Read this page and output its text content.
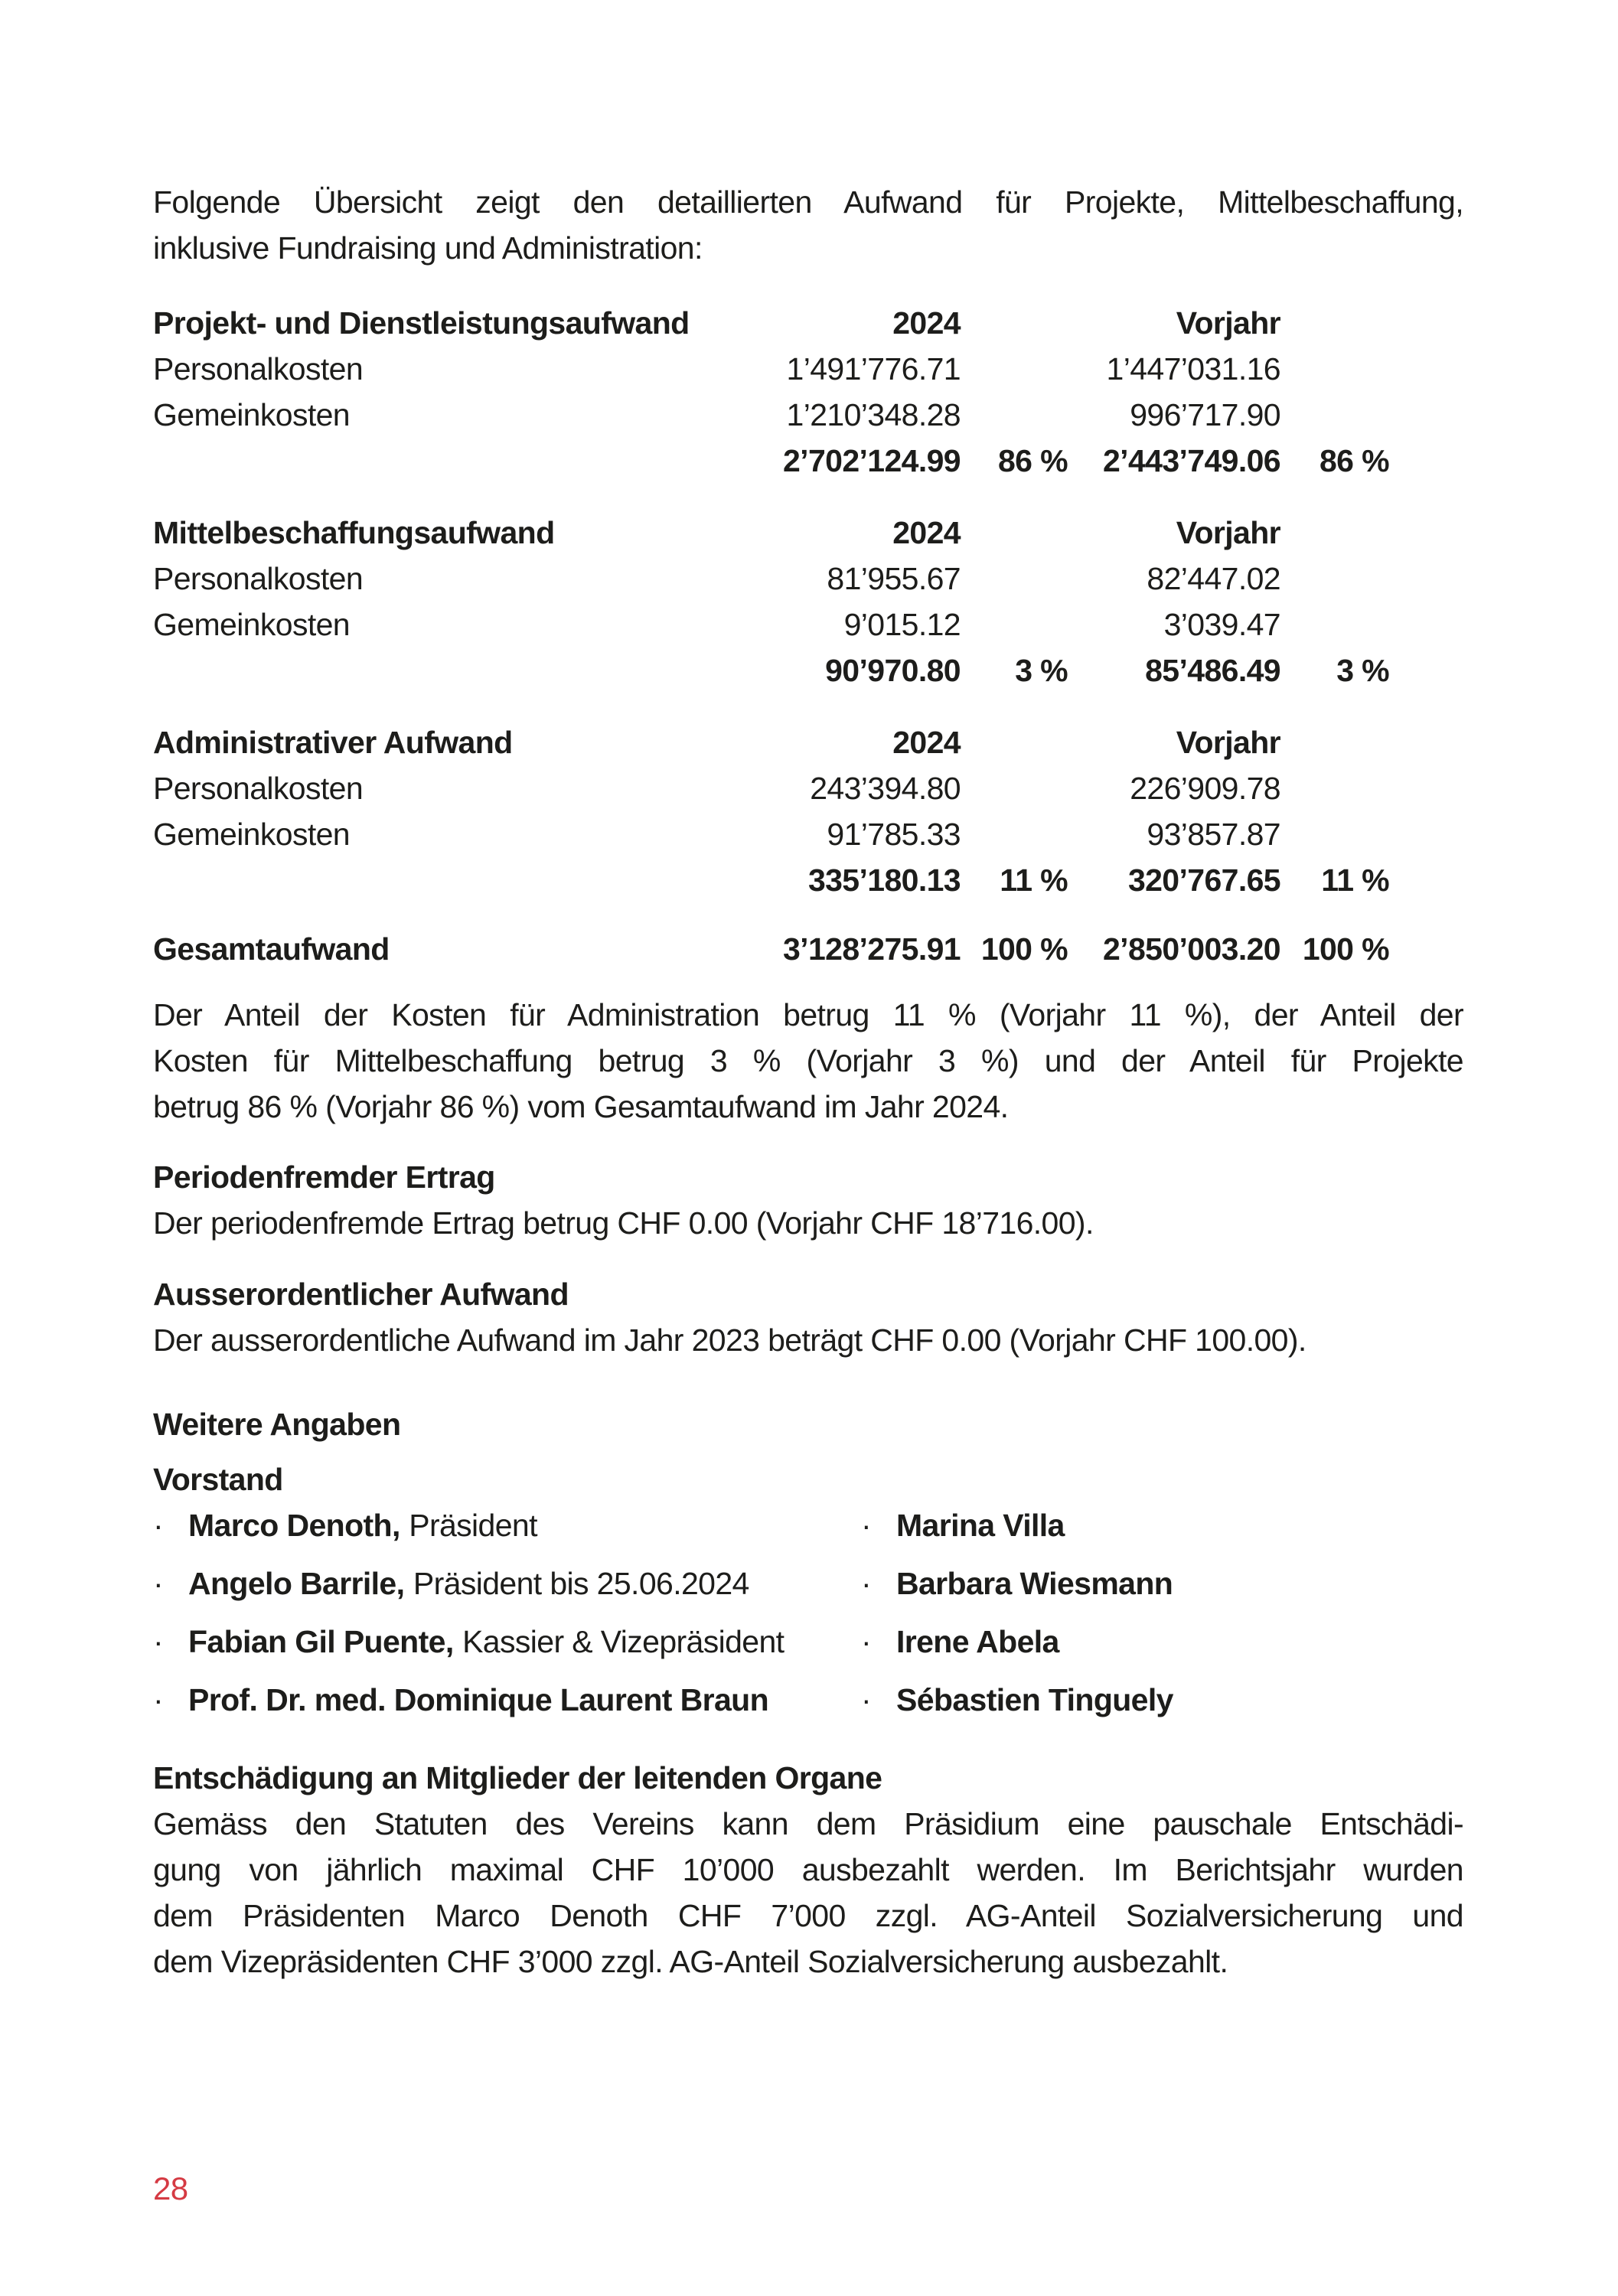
Folgende Übersicht zeigt den detaillierten Aufwand für Projekte, Mittelbeschaffung,
inklusive Fundraising und Administration:

Projekt- und Dienstleistungsaufwand	2024	Vorjahr
Personalkosten	1’491’776.71	1’447’031.16
Gemeinkosten	1’210’348.28	996’717.90
2’702’124.99	86 %	2’443’749.06	86 %
Mittelbeschaffungsaufwand	2024	Vorjahr
Personalkosten	81’955.67	82’447.02
Gemeinkosten	9’015.12	3’039.47
90’970.80	3 %	85’486.49	3 %
Administrativer Aufwand	2024	Vorjahr
Personalkosten	243’394.80	226’909.78
Gemeinkosten	91’785.33	93’857.87
335’180.13	11 %	320’767.65	11 %
Gesamtaufwand	3’128’275.91 100 %	2’850’003.20 100 %

Der Anteil der Kosten für Administration betrug 11 % (Vorjahr 11 %), der Anteil der
Kosten für Mittelbeschaffung betrug 3 % (Vorjahr 3 %) und der Anteil für Projekte
betrug 86 % (Vorjahr 86 %) vom Gesamtaufwand im Jahr 2024.

Periodenfremder Ertrag

Der periodenfremde Ertrag betrug CHF 0.00 (Vorjahr CHF 18’716.00).

Ausserordentlicher Aufwand

Der ausserordentliche Aufwand im Jahr 2023 beträgt CHF 0.00 (Vorjahr CHF 100.00).

Weitere Angaben
Vorstand
· Marco Denoth, Präsident
· Angelo Barrile, Präsident bis 25.06.2024
· Fabian Gil Puente, Kassier & Vizepräsident
· Prof. Dr. med. Dominique Laurent Braun
· Marina Villa
· Barbara Wiesmann
· Irene Abela
· Sébastien Tinguely
Entschädigung an Mitglieder der leitenden Organe

Gemäss den Statuten des Vereins kann dem Präsidium eine pauschale Entschädi-
gung von jährlich maximal CHF 10’000 ausbezahlt werden. Im Berichtsjahr wurden
dem Präsidenten Marco Denoth CHF 7’000 zzgl. AG-Anteil Sozialversicherung und
dem Vizepräsidenten CHF 3’000 zzgl. AG-Anteil Sozialversicherung ausbezahlt.

28
